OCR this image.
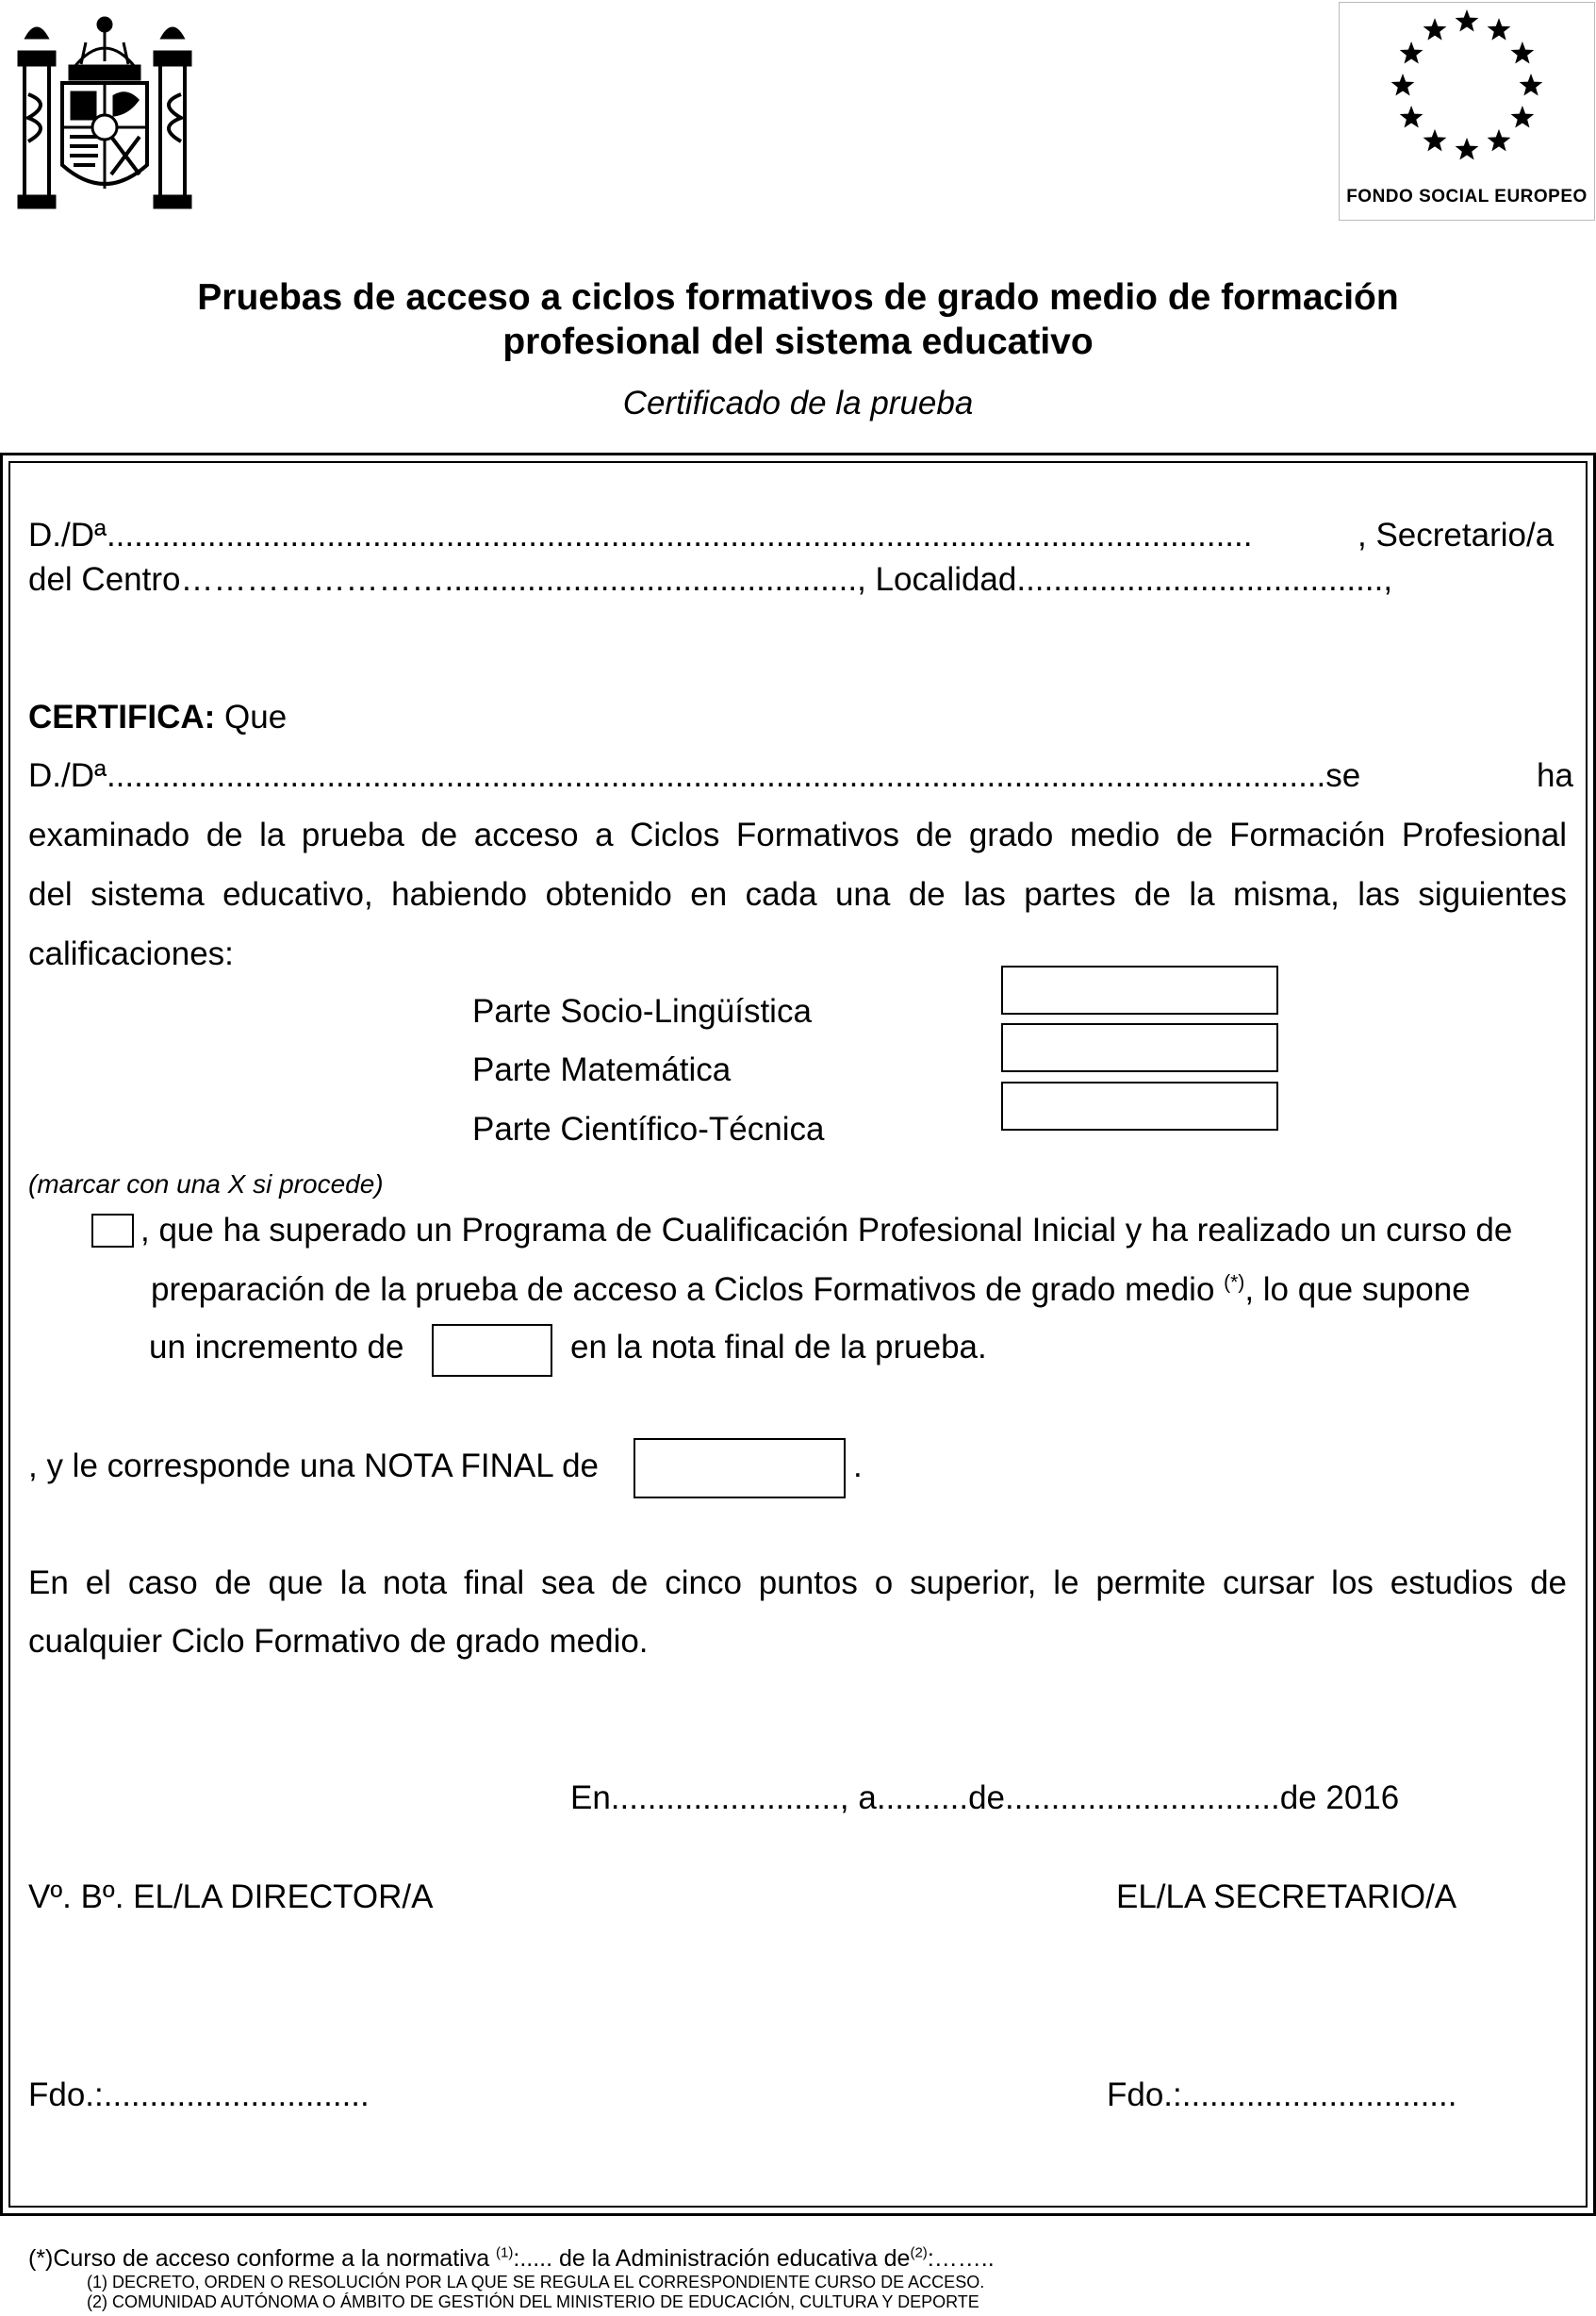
FONDO SOCIAL EUROPEO
Pruebas de acceso a ciclos formativos de grado medio de formación
profesional del sistema educativo
Certificado de la prueba
D./Dª.............................................................................................................................	, Secretario/a
del Centro……………………............................................., Localidad........................................,
CERTIFICA: Que
D./Dª.....................................................................................................................................se	ha
examinado de la prueba de acceso a Ciclos Formativos de grado medio de Formación Profesional
del sistema educativo, habiendo obtenido en cada una de las partes de la misma, las siguientes
calificaciones:
Parte Socio-Lingüística
Parte Matemática
Parte Científico-Técnica
(marcar con una X si procede)
, que ha superado un Programa de Cualificación Profesional Inicial y ha realizado un curso de
preparación de la prueba de acceso a Ciclos Formativos de grado medio (*), lo que supone
un incremento de	en la nota final de la prueba.
, y le corresponde una NOTA FINAL de	.
En el caso de que la nota final sea de cinco puntos o superior, le permite cursar los estudios de
cualquier Ciclo Formativo de grado medio.
En........................., a..........de..............................de 2016
Vº. Bº. EL/LA DIRECTOR/A	EL/LA SECRETARIO/A
Fdo.:.............................	Fdo.:..............................
(*)Curso de acceso conforme a la normativa $^{(1)}$:..... de la Administración educativa $de^{(2)}:\dots\dots$..
(1) DECRETO, ORDEN O RESOLUCIÓN POR LA QUE SE REGULA EL CORRESPONDIENTE CURSO DE ACCESO.
(2) COMUNIDAD AUTÓNOMA O ÁMBITO DE GESTIÓN DEL MINISTERIO DE EDUCACIÓN, CULTURA Y DEPORTE
